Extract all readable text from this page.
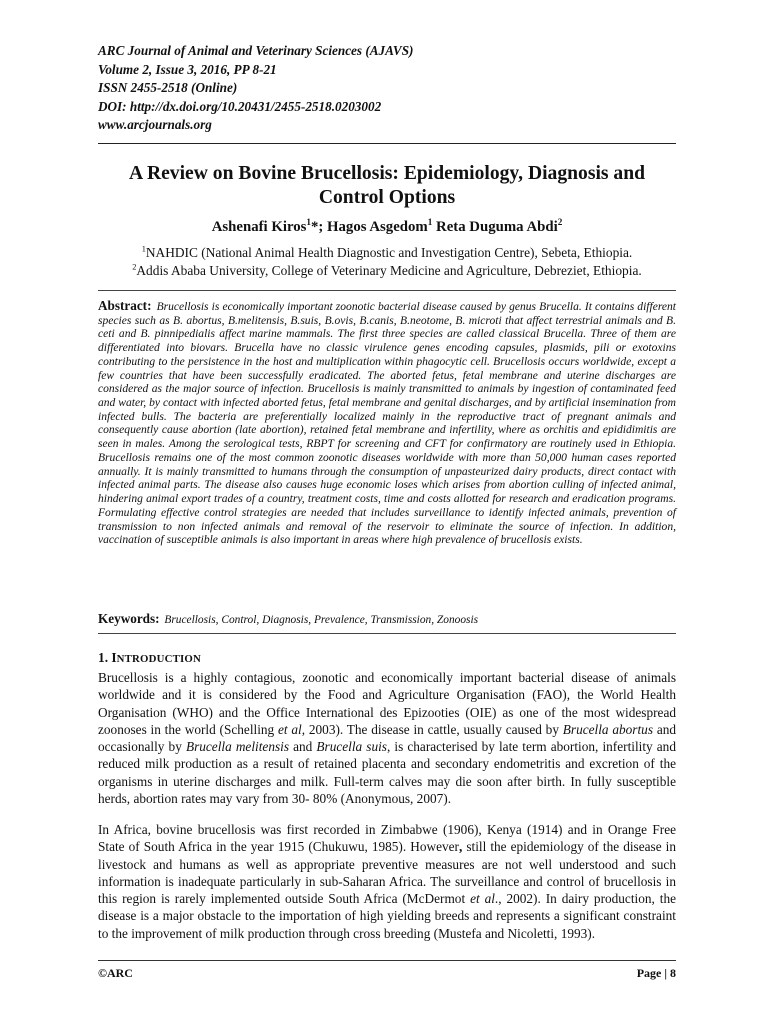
ARC Journal of Animal and Veterinary Sciences (AJAVS)
Volume 2, Issue 3, 2016, PP 8-21
ISSN 2455-2518 (Online)
DOI: http://dx.doi.org/10.20431/2455-2518.0203002
www.arcjournals.org
A Review on Bovine Brucellosis: Epidemiology, Diagnosis and
Control Options
Ashenafi Kiros$^1$*; Hagos Asgedom$^1$ Reta Duguma Abdi$^2$
$^1$NAHDIC (National Animal Health Diagnostic and Investigation Centre), Sebeta, Ethiopia.
$^2$Addis Ababa University, College of Veterinary Medicine and Agriculture, Debreziet, Ethiopia.
Abstract: Brucellosis is economically important zoonotic bacterial disease caused by genus Brucella. It contains different species such as B. abortus, B.melitensis, B.suis, B.ovis, B.canis, B.neotome, B. microti that affect terrestrial animals and B. ceti and B. pinnipedialis affect marine mammals. The first three species are called classical Brucella. Three of them are differentiated into biovars. Brucella have no classic virulence genes encoding capsules, plasmids, pili or exotoxins contributing to the persistence in the host and multiplication within phagocytic cell. Brucellosis occurs worldwide, except a few countries that have been successfully eradicated. The aborted fetus, fetal membrane and uterine discharges are considered as the major source of infection. Brucellosis is mainly transmitted to animals by ingestion of contaminated feed and water, by contact with infected aborted fetus, fetal membrane and genital discharges, and by artificial insemination from infected bulls. The bacteria are preferentially localized mainly in the reproductive tract of pregnant animals and consequently cause abortion (late abortion), retained fetal membrane and infertility, where as orchitis and epididimitis are seen in males. Among the serological tests, RBPT for screening and CFT for confirmatory are routinely used in Ethiopia. Brucellosis remains one of the most common zoonotic diseases worldwide with more than 50,000 human cases reported annually. It is mainly transmitted to humans through the consumption of unpasteurized dairy products, direct contact with infected animal parts. The disease also causes huge economic loses which arises from abortion culling of infected animal, hindering animal export trades of a country, treatment costs, time and costs allotted for research and eradication programs. Formulating effective control strategies are needed that includes surveillance to identify infected animals, prevention of transmission to non infected animals and removal of the reservoir to eliminate the source of infection. In addition, vaccination of susceptible animals is also important in areas where high prevalence of brucellosis exists.
Keywords: Brucellosis, Control, Diagnosis, Prevalence, Transmission, Zonoosis
1. INTRODUCTION
Brucellosis is a highly contagious, zoonotic and economically important bacterial disease of animals worldwide and it is considered by the Food and Agriculture Organisation (FAO), the World Health Organisation (WHO) and the Office International des Epizooties (OIE) as one of the most widespread zoonoses in the world (Schelling et al, 2003). The disease in cattle, usually caused by Brucella abortus and occasionally by Brucella melitensis and Brucella suis, is characterised by late term abortion, infertility and reduced milk production as a result of retained placenta and secondary endometritis and excretion of the organisms in uterine discharges and milk. Full-term calves may die soon after birth. In fully susceptible herds, abortion rates may vary from 30- 80% (Anonymous, 2007).
In Africa, bovine brucellosis was first recorded in Zimbabwe (1906), Kenya (1914) and in Orange Free State of South Africa in the year 1915 (Chukuwu, 1985). However, still the epidemiology of the disease in livestock and humans as well as appropriate preventive measures are not well understood and such information is inadequate particularly in sub-Saharan Africa. The surveillance and control of brucellosis in this region is rarely implemented outside South Africa (McDermot et al., 2002). In dairy production, the disease is a major obstacle to the importation of high yielding breeds and represents a significant constraint to the improvement of milk production through cross breeding (Mustefa and Nicoletti, 1993).
©ARC	Page | 8
